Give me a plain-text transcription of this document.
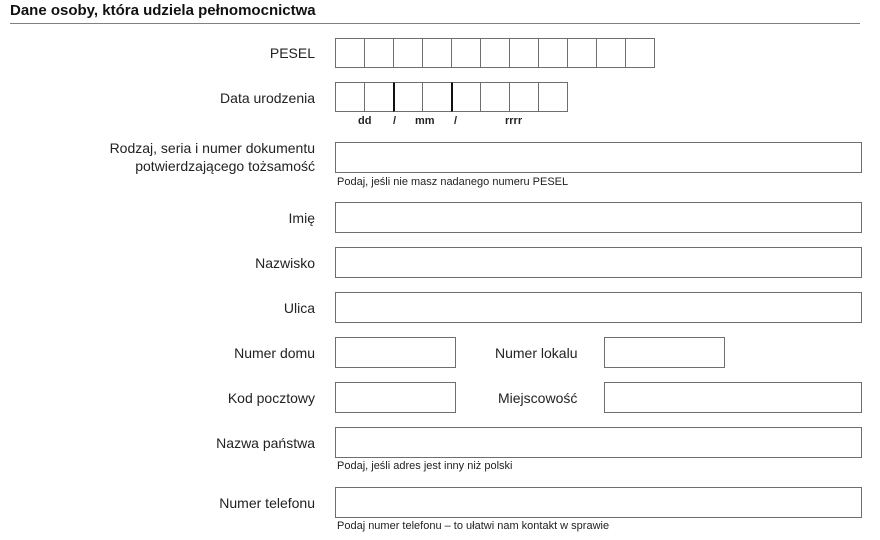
Dane osoby, która udziela pełnomocnictwa
PESEL
Data urodzenia
dd / mm /	rrrr
Rodzaj, seria i numer dokumentu
potwierdzającego tożsamość
Podaj, jeśli nie masz nadanego numeru PESEL
Imię
Nazwisko
Ulica
Numer domu	Numer lokalu
Kod pocztowy	Miejscowość
Nazwa państwa
Podaj, jeśli adres jest inny niż polski
Numer telefonu
Podaj numer telefonu – to ułatwi nam kontakt w sprawie
